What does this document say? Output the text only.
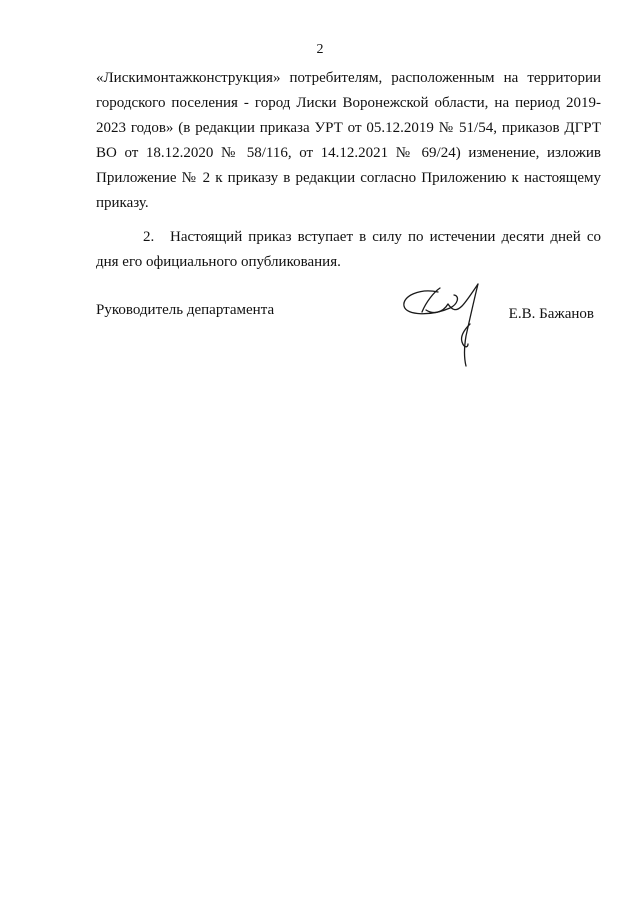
2

«Лискимонтажконструкция» потребителям, расположенным на территории городского поселения - город Лиски Воронежской области, на период 2019-2023 годов» (в редакции приказа УРТ от 05.12.2019 № 51/54, приказов ДГРТ ВО от 18.12.2020 № 58/116, от 14.12.2021 № 69/24) изменение, изложив Приложение № 2 к приказу в редакции согласно Приложению к настоящему приказу.

2. Настоящий приказ вступает в силу по истечении десяти дней со дня его официального опубликования.

Руководитель департамента	Е.В. Бажанов
